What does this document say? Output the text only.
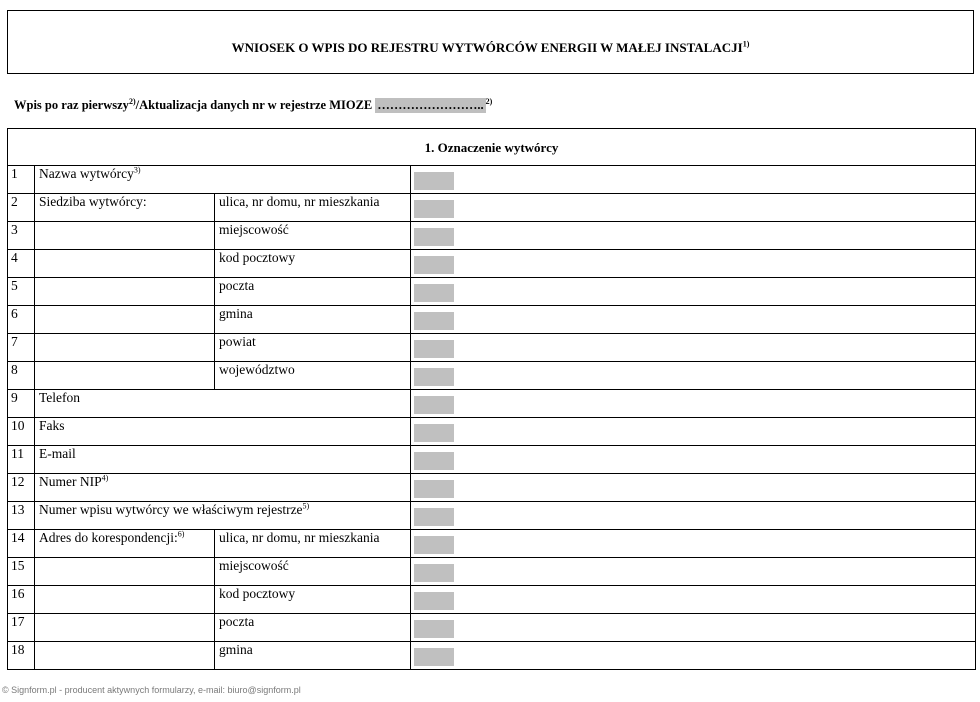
WNIOSEK O WPIS DO REJESTRU WYTWÓRCÓW ENERGII W MAŁEJ INSTALACJI$^{1)}$
Wpis po raz pierwszy$^{2)}$/Aktualizacja danych nr w rejestrze MIOZE …………………….. $^{2)}$
1. Oznaczenie wytwórcy			
1	Nazwa wytwórcy$^{3)}$	

2	Siedziba wytwórcy:	ulica, nr domu, nr mieszkania	

3		miejscowość	

4		kod pocztowy	

5		poczta	

6		gmina	

7		powiat	

8		województwo	

9	Telefon	

10	Faks	

11	E-mail	

12	Numer NIP$^{4)}$	

13	Numer wpisu wytwórcy we właściwym rejestrze$^{5)}$	

14	Adres do korespondencji:$^{6)}$	ulica, nr domu, nr mieszkania	

15		miejscowość	

16		kod pocztowy	

17		poczta	

18		gmina	
© Signform.pl - producent aktywnych formularzy, e-mail: biuro@signform.pl
